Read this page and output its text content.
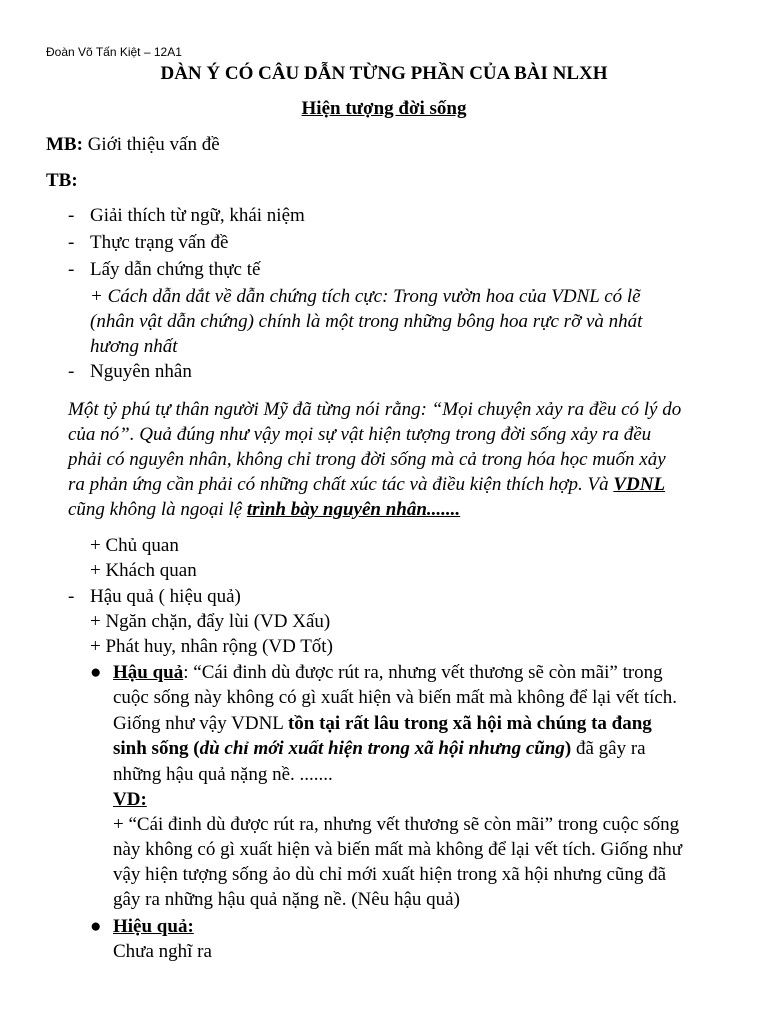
Đoàn Võ Tấn Kiệt – 12A1
DÀN Ý CÓ CÂU DẪN TỪNG PHẦN CỦA BÀI NLXH
Hiện tượng đời sống
MB: Giới thiệu vấn đề
TB:
- Giải thích từ ngữ, khái niệm
- Thực trạng vấn đề
- Lấy dẫn chứng thực tế
+ Cách dẫn dắt về dẫn chứng tích cực: Trong vườn hoa của VDNL có lẽ
(nhân vật dẫn chứng) chính là một trong những bông hoa rực rỡ và nhát
hương nhất
- Nguyên nhân
Một tỷ phú tự thân người Mỹ đã từng nói rằng: “Mọi chuyện xảy ra đều có lý do
của nó”. Quả đúng như vậy mọi sự vật hiện tượng trong đời sống xảy ra đều
phải có nguyên nhân, không chỉ trong đời sống mà cả trong hóa học muốn xảy
ra phản ứng cần phải có những chất xúc tác và điều kiện thích hợp. Và VDNL
cũng không là ngoại lệ trình bày nguyên nhân.......
+ Chủ quan
+ Khách quan
- Hậu quả ( hiệu quả)
+ Ngăn chặn, đẩy lùi (VD Xấu)
+ Phát huy, nhân rộng (VD Tốt)
● Hậu quả: “Cái đinh dù được rút ra, nhưng vết thương sẽ còn mãi” trong
cuộc sống này không có gì xuất hiện và biến mất mà không để lại vết tích.
Giống như vậy VDNL tồn tại rất lâu trong xã hội mà chúng ta đang
sinh sống (dù chỉ mới xuất hiện trong xã hội nhưng cũng) đã gây ra
những hậu quả nặng nề. .......
VD:
+ “Cái đinh dù được rút ra, nhưng vết thương sẽ còn mãi” trong cuộc sống
này không có gì xuất hiện và biến mất mà không để lại vết tích. Giống như
vậy hiện tượng sống ảo dù chỉ mới xuất hiện trong xã hội nhưng cũng đã
gây ra những hậu quả nặng nề. (Nêu hậu quả)
● Hiệu quả:
Chưa nghĩ ra
